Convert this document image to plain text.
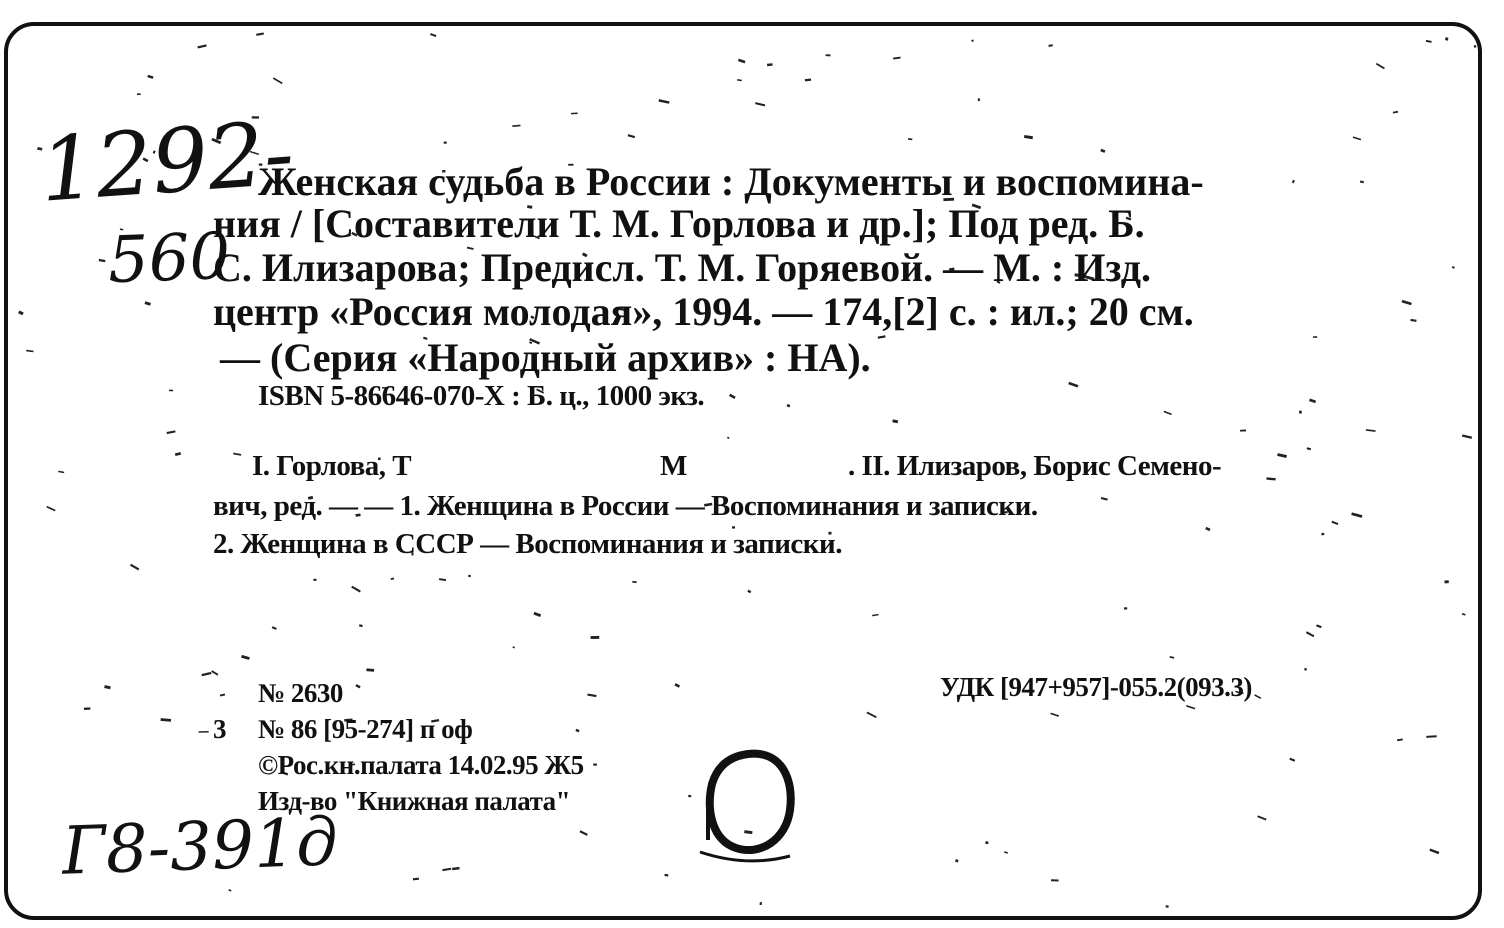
1292-
560
Женская судьба в России : Документы и воспомина-
ния / [Составители Т. М. Горлова и др.]; Под ред. Б.
С. Илизарова; Предисл. Т. М. Горяевой. — М. : Изд.
центр «Россия молодая», 1994. — 174,[2] с. : ил.; 20 см.
— (Серия «Народный архив» : НА).
ISBN 5-86646-070-X : Б. ц., 1000 экз.
I. Горлова, Т	М	. II. Илизаров, Борис Семено-
вич, ред. — — 1. Женщина в России — Воспоминания и записки.
2. Женщина в СССР — Воспоминания и записки.
№ 2630	УДК [947+957]-055.2(093.3)
3 № 86 [95-274] п оф
©Рос.кн.палата 14.02.95 Ж5
Изд-во "Книжная палата"
Г8-391д
